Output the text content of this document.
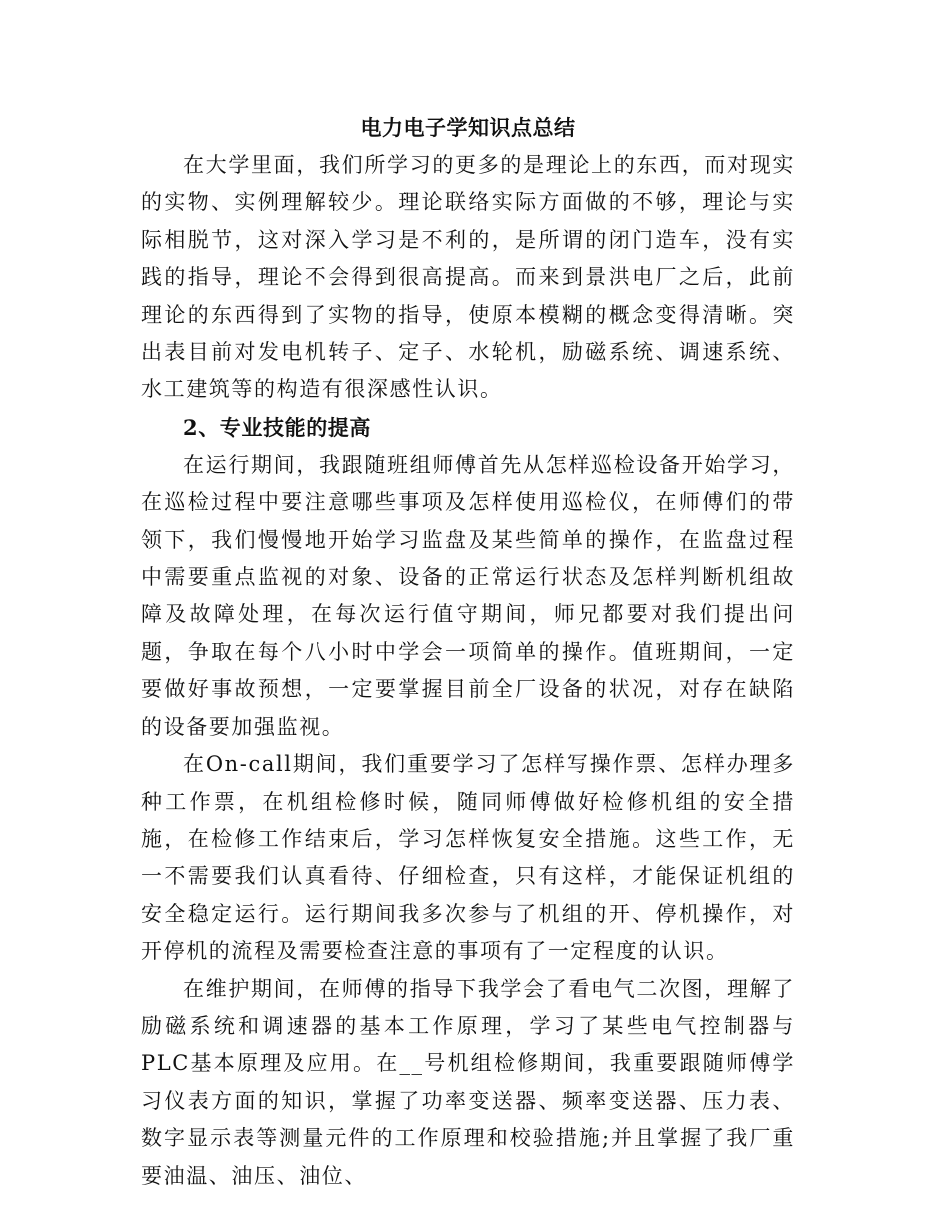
电力电子学知识点总结

在大学里面，我们所学习的更多的是理论上的东西，而对现实的实物、实例理解较少。理论联络实际方面做的不够，理论与实际相脱节，这对深入学习是不利的，是所谓的闭门造车，没有实践的指导，理论不会得到很高提高。而来到景洪电厂之后，此前理论的东西得到了实物的指导，使原本模糊的概念变得清晰。突出表目前对发电机转子、定子、水轮机，励磁系统、调速系统、水工建筑等的构造有很深感性认识。

2、专业技能的提高

在运行期间，我跟随班组师傅首先从怎样巡检设备开始学习，在巡检过程中要注意哪些事项及怎样使用巡检仪，在师傅们的带领下，我们慢慢地开始学习监盘及某些简单的操作，在监盘过程中需要重点监视的对象、设备的正常运行状态及怎样判断机组故障及故障处理，在每次运行值守期间，师兄都要对我们提出问题，争取在每个八小时中学会一项简单的操作。值班期间，一定要做好事故预想，一定要掌握目前全厂设备的状况，对存在缺陷的设备要加强监视。

在On-call期间，我们重要学习了怎样写操作票、怎样办理多种工作票，在机组检修时候，随同师傅做好检修机组的安全措施，在检修工作结束后，学习怎样恢复安全措施。这些工作，无一不需要我们认真看待、仔细检查，只有这样，才能保证机组的安全稳定运行。运行期间我多次参与了机组的开、停机操作，对开停机的流程及需要检查注意的事项有了一定程度的认识。

在维护期间，在师傅的指导下我学会了看电气二次图，理解了励磁系统和调速器的基本工作原理，学习了某些电气控制器与PLC基本原理及应用。在__号机组检修期间，我重要跟随师傅学习仪表方面的知识，掌握了功率变送器、频率变送器、压力表、数字显示表等测量元件的工作原理和校验措施;并且掌握了我厂重要油温、油压、油位、
